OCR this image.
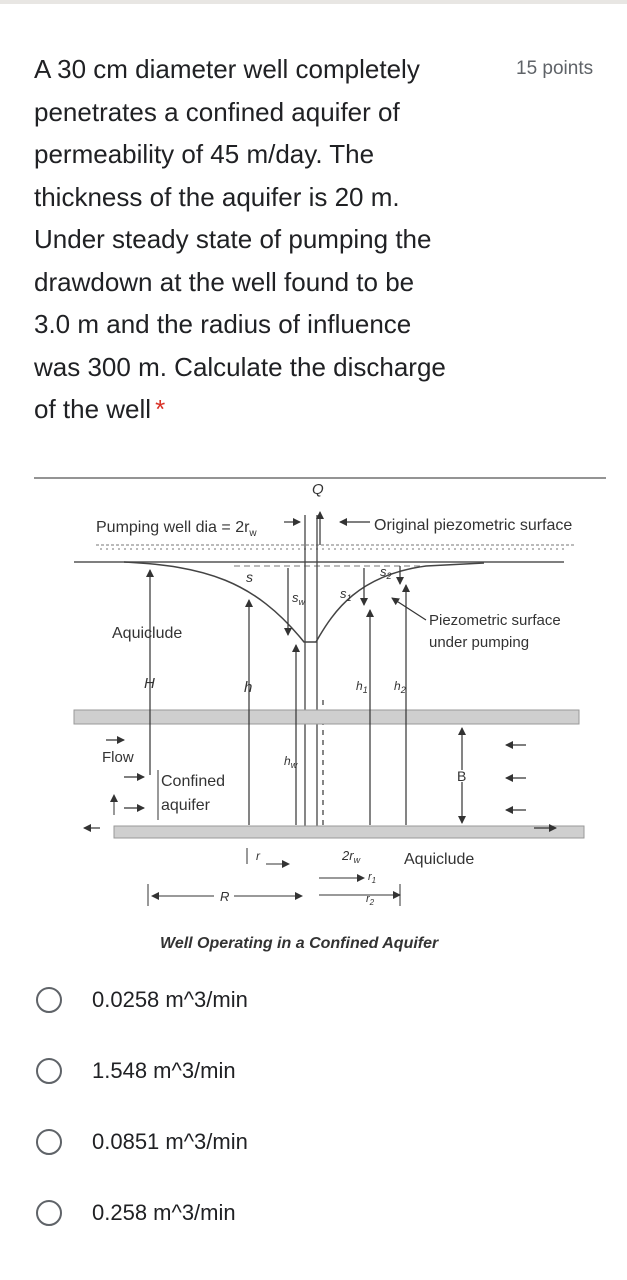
A 30 cm diameter well completely
penetrates a confined aquifer of
permeability of 45 m/day. The
thickness of the aquifer is 20 m.
Under steady state of pumping the
drawdown at the well found to be
3.0 m and the radius of influence
was 300 m. Calculate the discharge
of the well *
15 points
Q
Pumping well dia = $2r_w$	Original piezometric surface
Piezometric surface
under pumping
Aquiclude
Aquiclude
H	h
s
$s_w$
$s_1$
$s_2$
$h_1$ $h_2$
$h_w$
B
Flow
Confined
aquifer
r	$2r_w$
$r_1$
$r_2$
R
Well Operating in a Confined Aquifer
0.0258 m^3/min
1.548 m^3/min
0.0851 m^3/min
0.258 m^3/min
